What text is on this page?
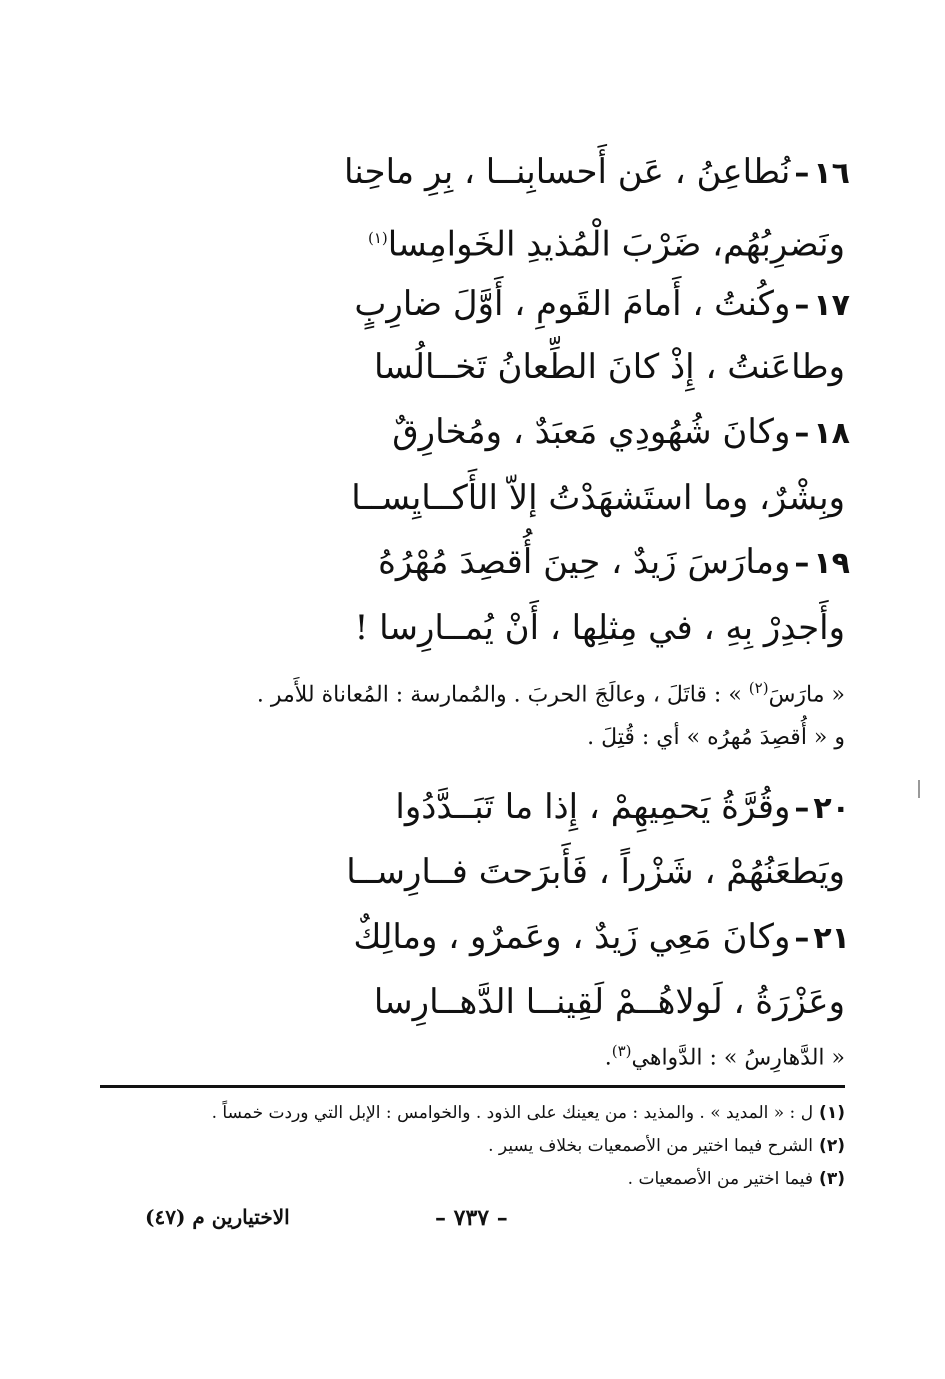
١٦–نُطاعِنُ ، عَن أَحسابِنــا ، بِرِ ماحِنا
ونَضرِبُهُم، ضَرْبَ الْمُذيدِ الخَوامِسا$^{(١)}$
١٧–وكُنتُ ، أَمامَ القَومِ ، أَوَّلَ ضارِبٍ
وطاعَنتُ ، إِذْ كانَ الطِّعانُ تَخــالُسا
١٨–وكانَ شُهُودِي مَعبَدٌ ، ومُخارِقٌ
وبِشْرٌ، وما استَشهَدْتُ إلاّ الأَكــايِســا
١٩–ومارَسَ زَيدٌ ، حِينَ أُقصِدَ مُهْرُهُ
وأَجدِرْ بِهِ ، في مِثلِها ، أَنْ يُمــارِسا !
« مارَسَ$^{(٢)}$ » : قاتَلَ ، وعالَجَ الحربَ . والمُمارسة : المُعاناة للأَمر .
و « أُقصِدَ مُهرُه » أي : قُتِلَ .
٢٠–وقُرَّةُ يَحمِيهِمْ ، إِذا ما تَبَــدَّدُوا
ويَطعَنُهُمْ ، شَزْراً ، فَأَبرَحتَ فــارِســا
٢١–وكانَ مَعِي زَيدٌ ، وعَمرٌو ، ومالِكٌ
وعَزْرَةُ ، لَولاهُــمْ لَقِينــا الدَّهــارِسا
« الدَّهارِسُ » : الدَّواهي$^{(٣)}$.
(١)ل : « المديد » . والمذيد : من يعينك على الذود . والخوامس : الإبل التي وردت خمساً .
(٢)الشرح فيما اختير من الأصمعيات بخلاف يسير .
(٣)فيما اختير من الأصمعيات .
– ٧٣٧ –
الاختيارين م (٤٧)
